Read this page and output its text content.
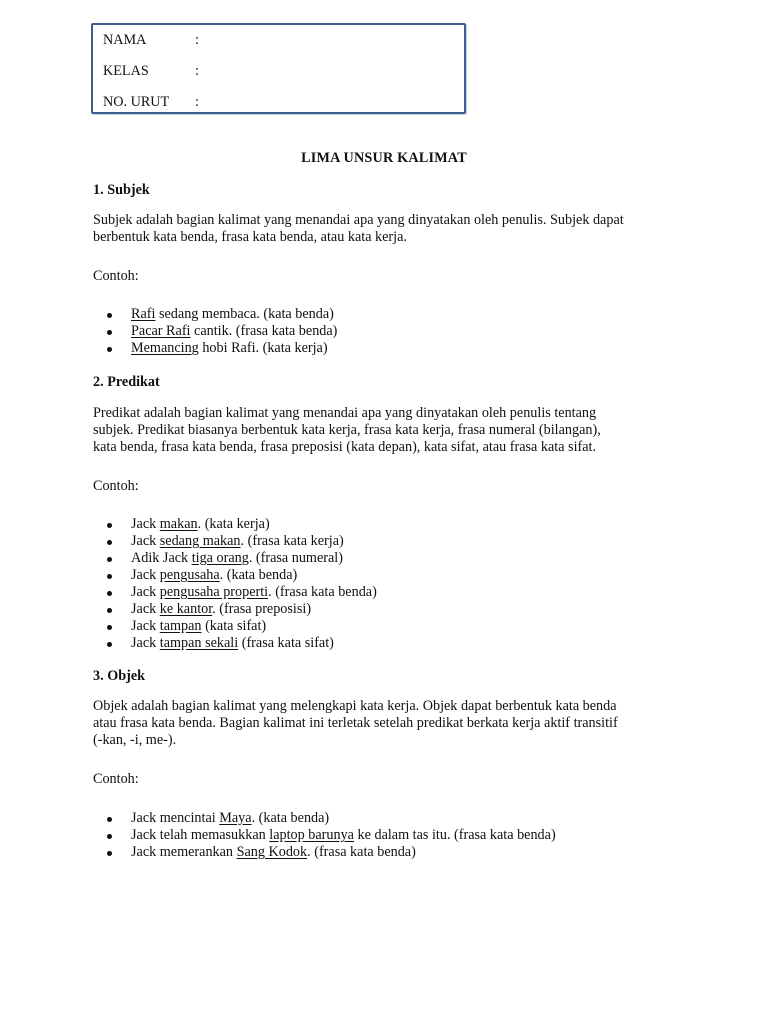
NAMA	:
KELAS	:
NO. URUT :
LIMA UNSUR KALIMAT
1. Subjek
Subjek adalah bagian kalimat yang menandai apa yang dinyatakan oleh penulis. Subjek dapat
berbentuk kata benda, frasa kata benda, atau kata kerja.
Contoh:
Rafi sedang membaca. (kata benda)
Pacar Rafi cantik. (frasa kata benda)
Memancing hobi Rafi. (kata kerja)
2. Predikat
Predikat adalah bagian kalimat yang menandai apa yang dinyatakan oleh penulis tentang
subjek. Predikat biasanya berbentuk kata kerja, frasa kata kerja, frasa numeral (bilangan),
kata benda, frasa kata benda, frasa preposisi (kata depan), kata sifat, atau frasa kata sifat.
Contoh:
Jack makan. (kata kerja)
Jack sedang makan. (frasa kata kerja)
Adik Jack tiga orang. (frasa numeral)
Jack pengusaha. (kata benda)
Jack pengusaha properti. (frasa kata benda)
Jack ke kantor. (frasa preposisi)
Jack tampan (kata sifat)
Jack tampan sekali (frasa kata sifat)
3. Objek
Objek adalah bagian kalimat yang melengkapi kata kerja. Objek dapat berbentuk kata benda
atau frasa kata benda. Bagian kalimat ini terletak setelah predikat berkata kerja aktif transitif
(-kan, -i, me-).
Contoh:
Jack mencintai Maya. (kata benda)
Jack telah memasukkan laptop barunya ke dalam tas itu. (frasa kata benda)
Jack memerankan Sang Kodok. (frasa kata benda)
